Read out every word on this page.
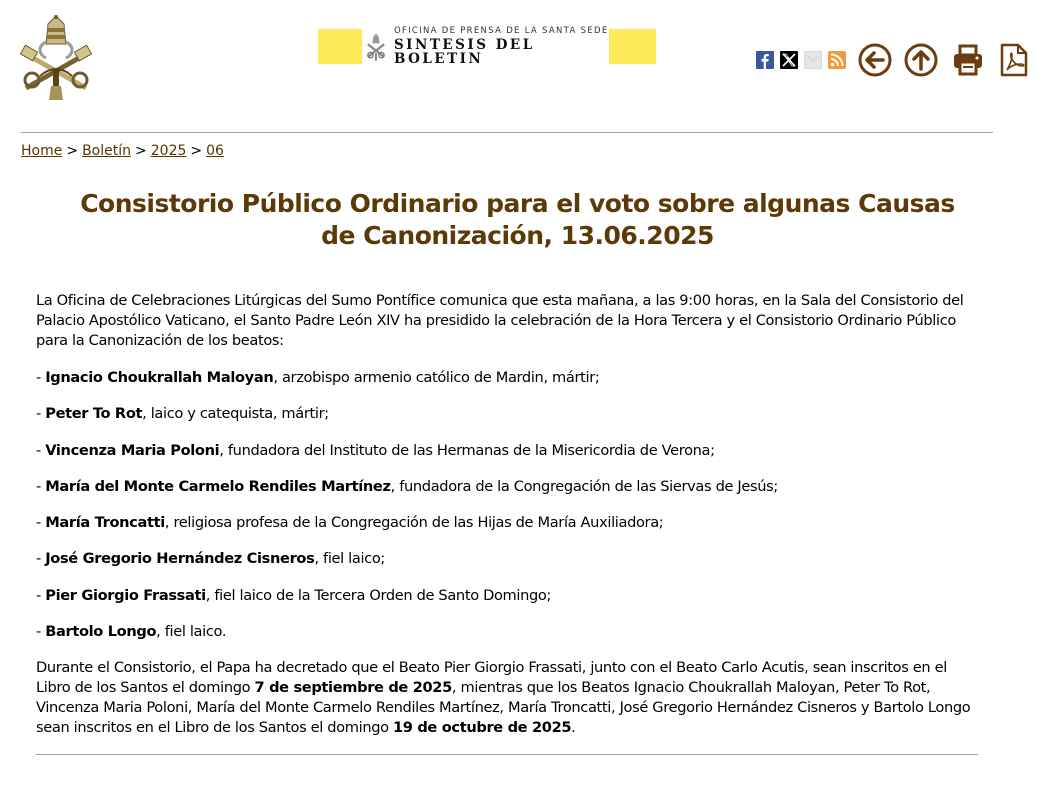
OFICINA DE PRENSA DE LA SANTA SEDE
SINTESIS DEL BOLETIN
Home > Boletín > 2025 > 06
Consistorio Público Ordinario para el voto sobre algunas Causas de Canonización, 13.06.2025

La Oficina de Celebraciones Litúrgicas del Sumo Pontífice comunica que esta mañana, a las 9:00 horas, en la Sala del Consistorio del Palacio Apostólico Vaticano, el Santo Padre León XIV ha presidido la celebración de la Hora Tercera y el Consistorio Ordinario Público para la Canonización de los beatos:

- Ignacio Choukrallah Maloyan, arzobispo armenio católico de Mardin, mártir;

- Peter To Rot, laico y catequista, mártir;

- Vincenza Maria Poloni, fundadora del Instituto de las Hermanas de la Misericordia de Verona;

- María del Monte Carmelo Rendiles Martínez, fundadora de la Congregación de las Siervas de Jesús;

- María Troncatti, religiosa profesa de la Congregación de las Hijas de María Auxiliadora;

- José Gregorio Hernández Cisneros, fiel laico;

- Pier Giorgio Frassati, fiel laico de la Tercera Orden de Santo Domingo;

- Bartolo Longo, fiel laico.

Durante el Consistorio, el Papa ha decretado que el Beato Pier Giorgio Frassati, junto con el Beato Carlo Acutis, sean inscritos en el Libro de los Santos el domingo 7 de septiembre de 2025, mientras que los Beatos Ignacio Choukrallah Maloyan, Peter To Rot, Vincenza Maria Poloni, María del Monte Carmelo Rendiles Martínez, María Troncatti, José Gregorio Hernández Cisneros y Bartolo Longo sean inscritos en el Libro de los Santos el domingo 19 de octubre de 2025.
